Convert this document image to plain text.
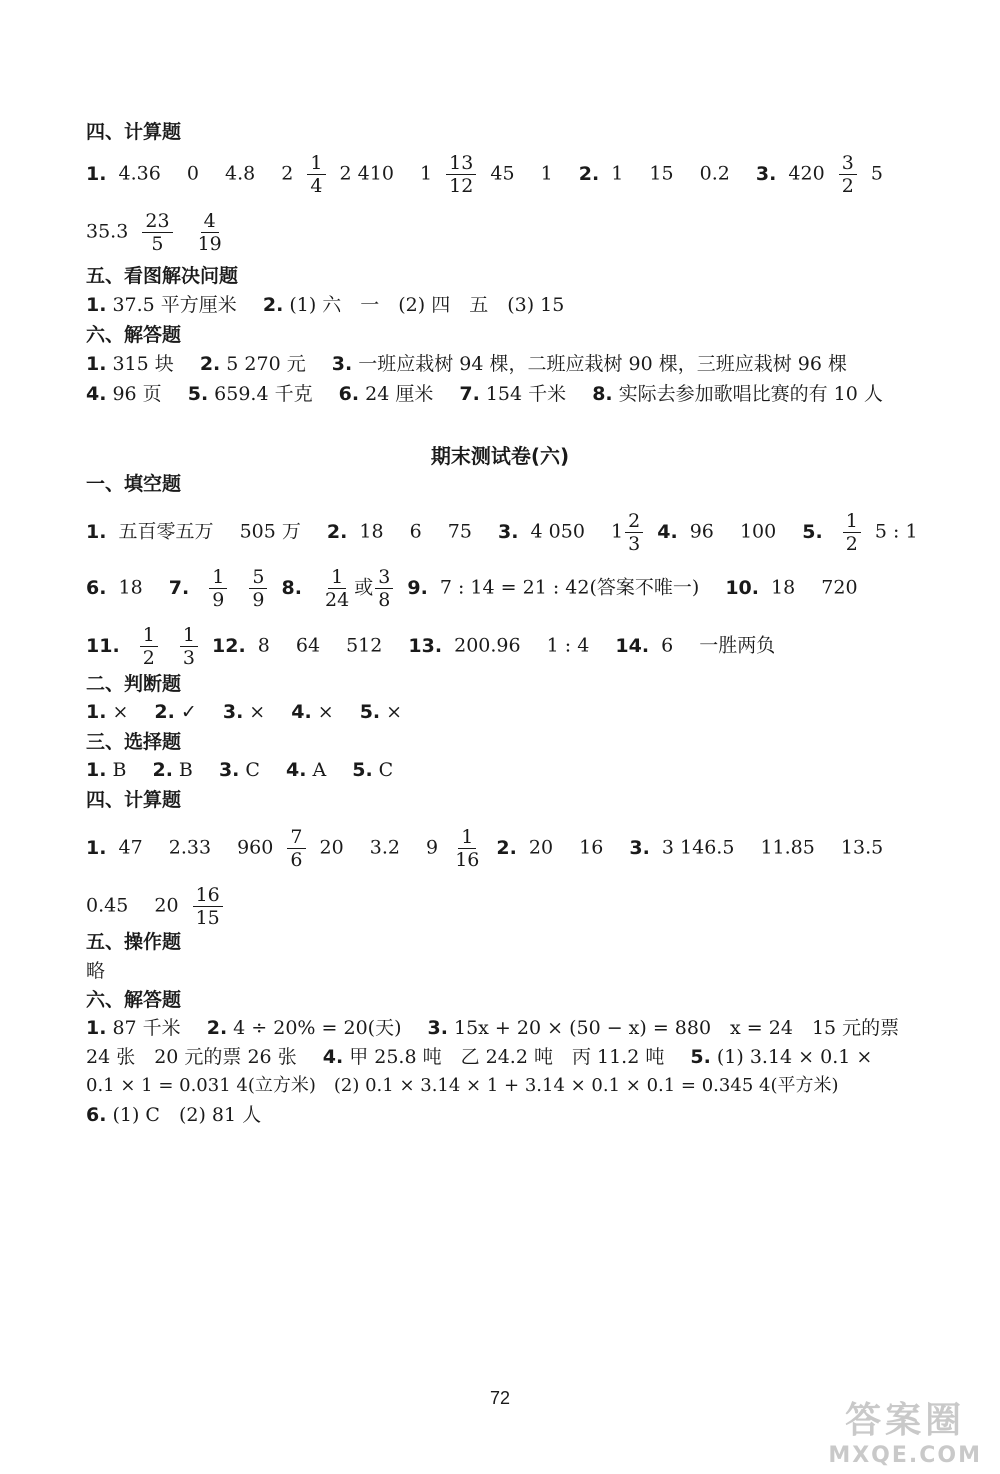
四、计算题
1. 4.36 0 4.8 $2 \frac{1}{4} 2$ 410 $1 \frac{13}{12} 45$ 1 2. 1 15 0.2 3. $420 \frac{3}{2} 5$
$35.3 \frac{23}{5}$
$\frac{4}{19}$
五、看图解决问题
1. 37.5 平方厘米 2. (1) 六　一　(2) 四　五　(3) 15
六、解答题
1. 315 块 2. 5 270 元 3. 一班应栽树 94 棵，二班应栽树 90 棵，三班应栽树 96 棵
4. 96 页 5. 659.4 千克 6. 24 厘米 7. 154 千米 8. 实际去参加歌唱比赛的有 10 人
期末测试卷(六)
一、填空题
1. 五百零五万 505 万 2. 18 6 75 3. 4 050 $1 \frac{2}{3} 4$. 96 100 5. $\frac{1}{2} 5$ : 1
6. 18 7. $\frac{1}{9}$
$\frac{5}{9} 8$. $\frac{1}{24}$ 或 $\frac{3}{8} 9$. 7 : 14 = 21 : 42(答案不唯一) 10. 18 720
11. $\frac{1}{2}$
$\frac{1}{3} 12$. 8 64 512 13. 200.96 1 : 4 14. 6 一胜两负
二、判断题
1. × 2. ✓ 3. × 4. × 5. ×
三、选择题
1. B 2. B 3. C 4. A 5. C
四、计算题
1. 47 2.33 $960 \frac{7}{6} 20$ 3.2 $9 \frac{1}{16} 2$. 20 16 3. 3 146.5 11.85 13.5
0.45 $20 \frac{16}{15}$
五、操作题
略
六、解答题
1. 87 千米 2. 4 ÷ 20% = 20(天) 3. 15x + 20 × (50 − x) = 880　x = 24　15 元的票
24 张　20 元的票 26 张 4. 甲 25.8 吨　乙 24.2 吨　丙 11.2 吨 5. (1) 3.14 × 0.1 ×
0.1 × 1 = 0.031 4(立方米)　(2) 0.1 × 3.14 × 1 + 3.14 × 0.1 × 0.1 = 0.345 4(平方米)
6. (1) C　(2) 81 人
72
答案圈
MXQE.COM
